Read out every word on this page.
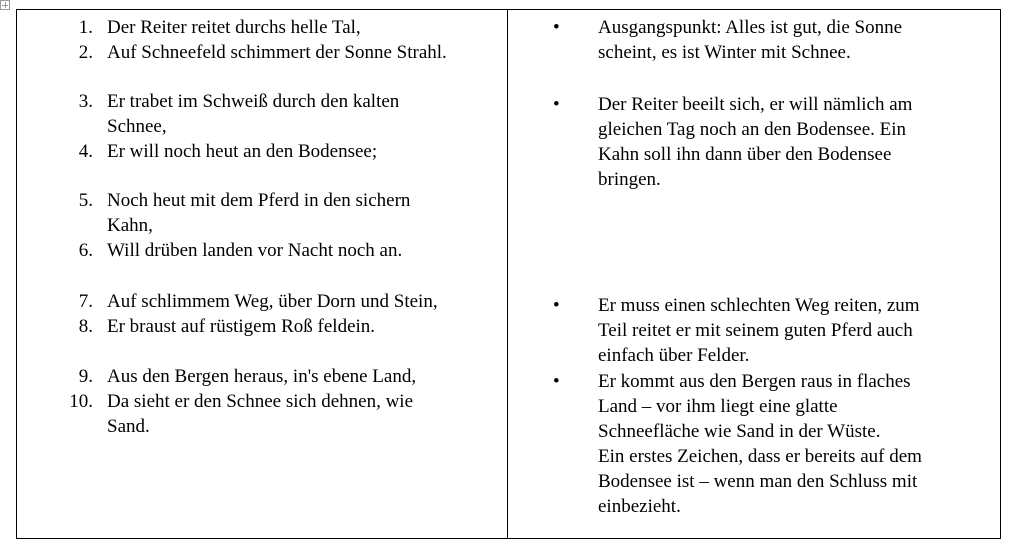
1. Der Reiter reitet durchs helle Tal,
2. Auf Schneefeld schimmert der Sonne Strahl.
3. Er trabet im Schweiß durch den kalten
Schnee,
4. Er will noch heut an den Bodensee;
5. Noch heut mit dem Pferd in den sichern
Kahn,
6. Will drüben landen vor Nacht noch an.
7. Auf schlimmem Weg, über Dorn und Stein,
8. Er braust auf rüstigem Roß feldein.
9. Aus den Bergen heraus, in's ebene Land,
10. Da sieht er den Schnee sich dehnen, wie
Sand.
• Ausgangspunkt: Alles ist gut, die Sonne
scheint, es ist Winter mit Schnee.
• Der Reiter beeilt sich, er will nämlich am
gleichen Tag noch an den Bodensee. Ein
Kahn soll ihn dann über den Bodensee
bringen.
• Er muss einen schlechten Weg reiten, zum
Teil reitet er mit seinem guten Pferd auch
einfach über Felder.
• Er kommt aus den Bergen raus in flaches
Land – vor ihm liegt eine glatte
Schneefläche wie Sand in der Wüste.
Ein erstes Zeichen, dass er bereits auf dem
Bodensee ist – wenn man den Schluss mit
einbezieht.
